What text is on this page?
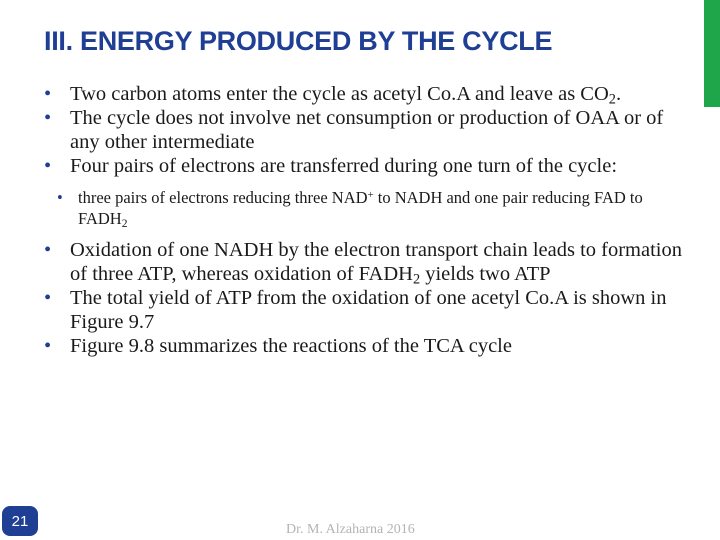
III. ENERGY PRODUCED BY THE CYCLE

• Two carbon atoms enter the cycle as acetyl Co.A and leave as $CO_2$.

• The cycle does not involve net consumption or production of OAA or of any other intermediate

• Four pairs of electrons are transferred during one turn of the cycle:

• three pairs of electrons reducing three NAD+ to NADH and one pair reducing FAD to $FADH_2$

• Oxidation of one NADH by the electron transport chain leads to formation of three ATP, whereas oxidation of $FADH_2$ yields two ATP

• The total yield of ATP from the oxidation of one acetyl Co.A is shown in Figure 9.7

• Figure 9.8 summarizes the reactions of the TCA cycle

21	Dr. M. Alzaharna 2016
